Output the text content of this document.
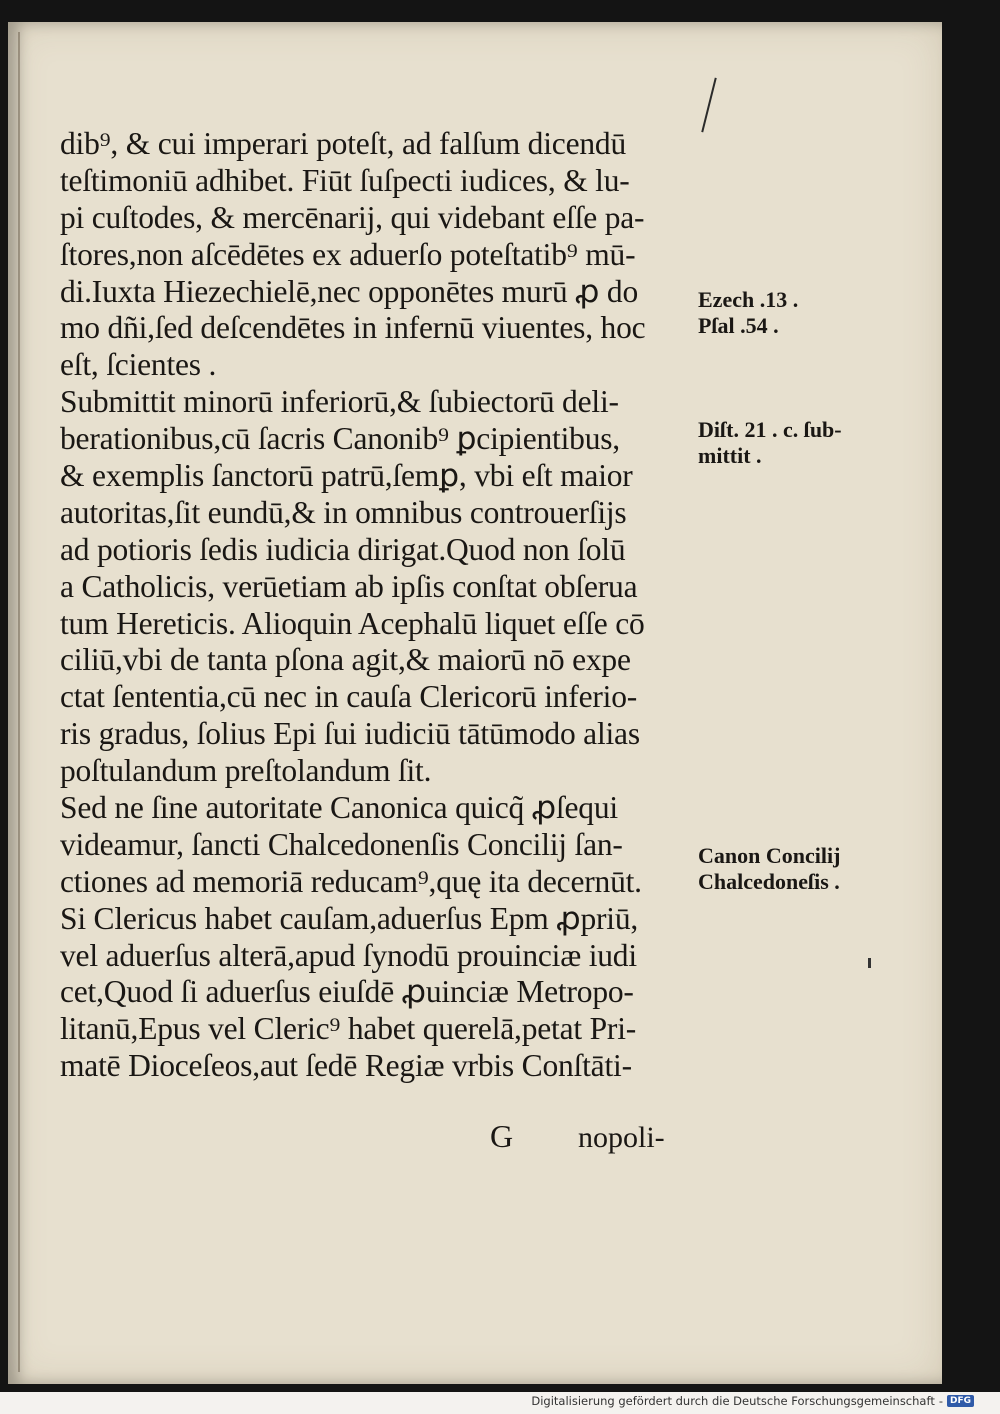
dib⁹, & cui imperari poteſt, ad falſum dicendū
teſtimoniū adhibet. Fiūt ſuſpecti iudices, & lu-
pi cuſtodes, & mercēnarij, qui videbant eſſe pa-
ſtores,non aſcēdētes ex aduerſo poteſtatib⁹ mū-
di.Iuxta Hiezechielē,nec opponētes murū ꝓ do
mo dñi,ſed deſcendētes in infernū viuentes, hoc
eſt, ſcientes .
Submittit minorū inferiorū,& ſubiectorū deli-
berationibus,cū ſacris Canonib⁹ ꝑcipientibus,
& exemplis ſanctorū patrū,ſemꝑ, vbi eſt maior
autoritas,ſit eundū,& in omnibus controuerſijs
ad potioris ſedis iudicia dirigat.Quod non ſolū
a Catholicis, verūetiam ab ipſis conſtat obſerua
tum Hereticis. Alioquin Acephalū liquet eſſe cō
ciliū,vbi de tanta pſona agit,& maiorū nō expe
ctat ſententia,cū nec in cauſa Clericorū inferio-
ris gradus, ſolius Epi ſui iudiciū tātūmodo alias
poſtulandum preſtolandum ſit.
Sed ne ſine autoritate Canonica quicq̃ ꝓſequi
videamur, ſancti Chalcedonenſis Concilij ſan-
ctiones ad memoriā reducam⁹,quę ita decernūt.
Si Clericus habet cauſam,aduerſus Epm ꝓpriū,
vel aduerſus alterā,apud ſynodū prouinciæ iudi
cet,Quod ſi aduerſus eiuſdē ꝓuinciæ Metropo-
litanū,Epus vel Cleric⁹ habet querelā,petat Pri-
matē Dioceſeos,aut ſedē Regiæ vrbis Conſtāti-
Ezech .13 .
Pſal .54 .
Diſt. 21 . c. ſub-
mittit .
Canon Concilij
Chalcedoneſis .
G nopoli-
Digitalisierung gefördert durch die Deutsche Forschungsgemeinschaft - DFG
